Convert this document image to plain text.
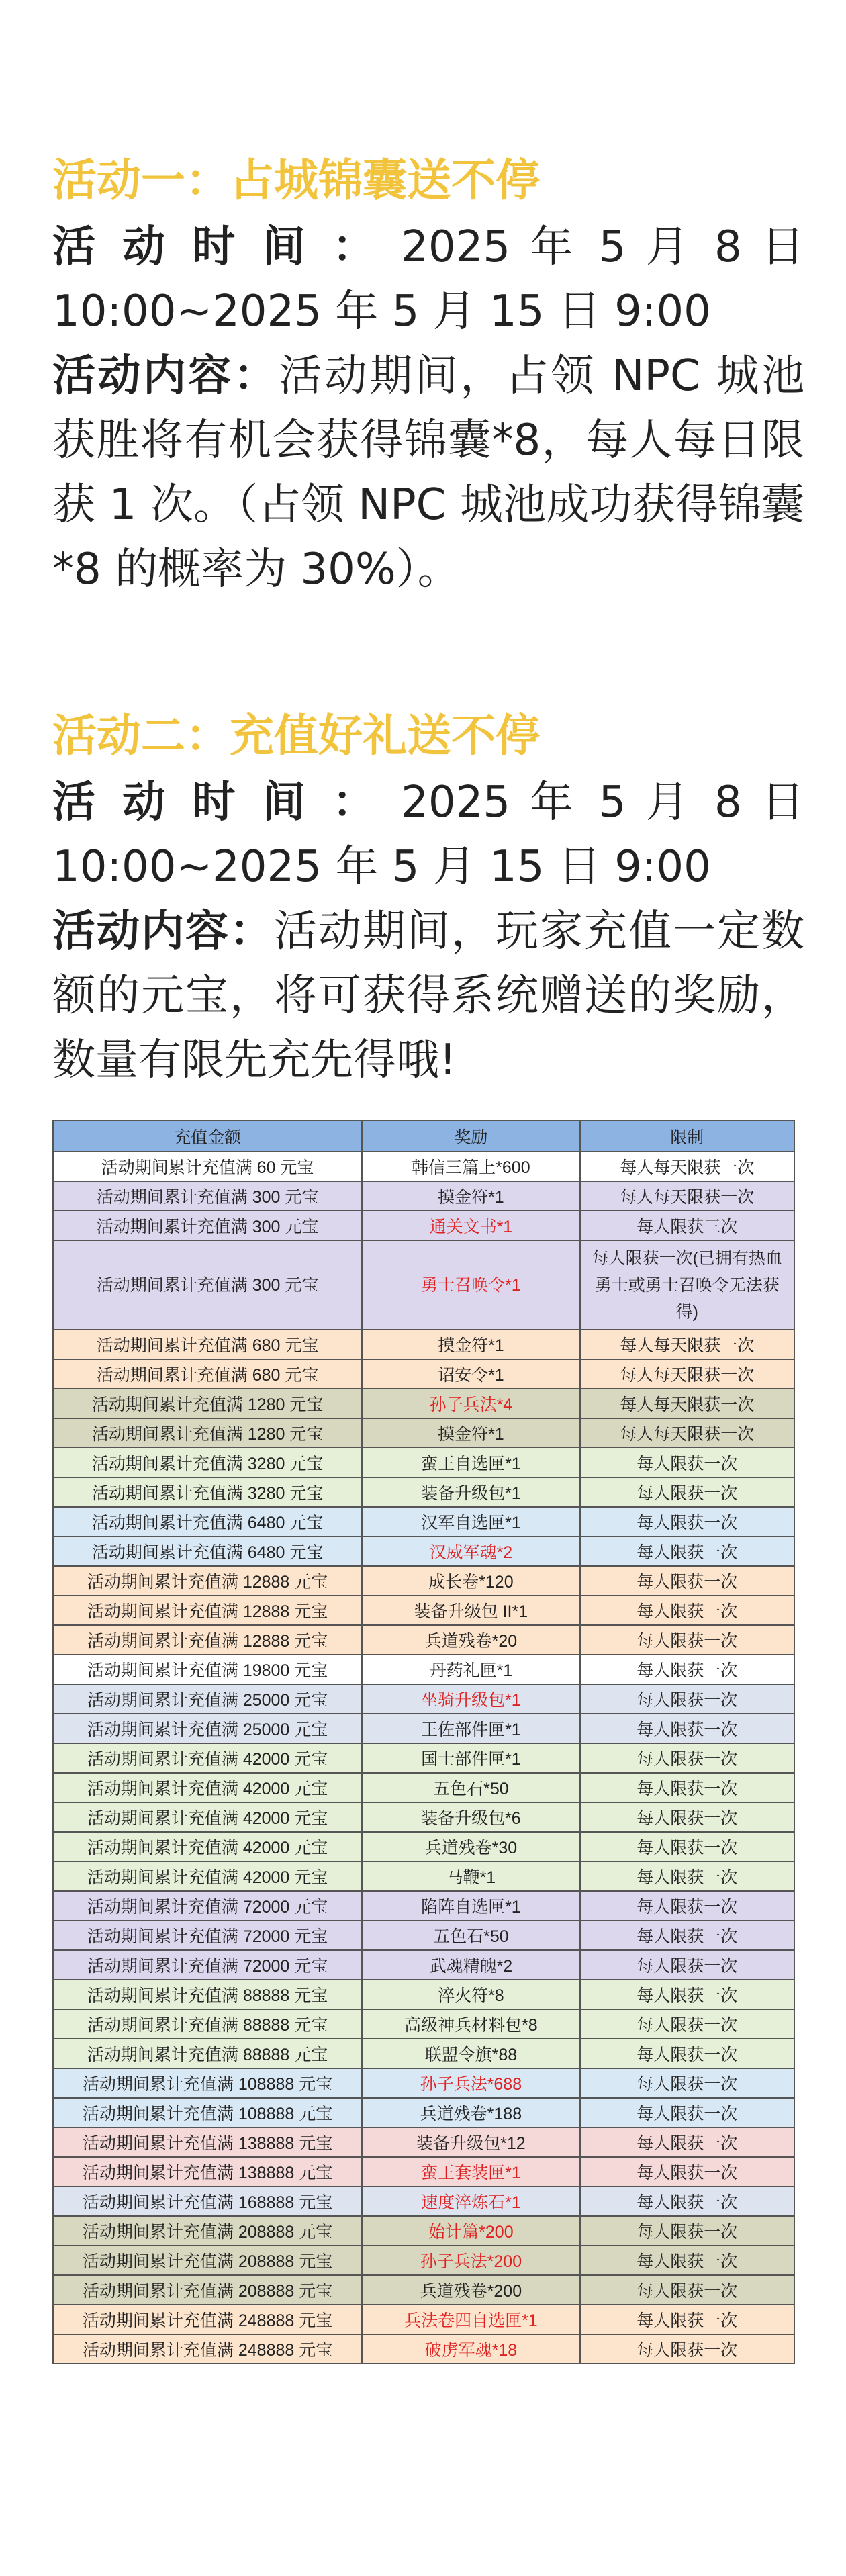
活动一：占城锦囊送不停

活 动 时 间 ： 2025 年 5 月 8 日 10:00~2025 年 5 月 15 日 9:00

活动内容：活动期间，占领 NPC 城池获胜将有机会获得锦囊*8，每人每日限获 1 次。（占领 NPC 城池成功获得锦囊*8 的概率为 30%）。

活动二：充值好礼送不停

活 动 时 间 ： 2025 年 5 月 8 日 10:00~2025 年 5 月 15 日 9:00

活动内容：活动期间，玩家充值一定数额的元宝，将可获得系统赠送的奖励，数量有限先充先得哦!

充值金额	奖励	限制
活动期间累计充值满 60 元宝	韩信三篇上*600	每人每天限获一次
活动期间累计充值满 300 元宝	摸金符*1	每人每天限获一次
活动期间累计充值满 300 元宝	通关文书*1	每人限获三次
活动期间累计充值满 300 元宝	勇士召唤令*1	每人限获一次(已拥有热血勇士或勇士召唤令无法获得)
活动期间累计充值满 680 元宝	摸金符*1	每人每天限获一次
活动期间累计充值满 680 元宝	诏安令*1	每人每天限获一次
活动期间累计充值满 1280 元宝	孙子兵法*4	每人每天限获一次
活动期间累计充值满 1280 元宝	摸金符*1	每人每天限获一次
活动期间累计充值满 3280 元宝	蛮王自选匣*1	每人限获一次
活动期间累计充值满 3280 元宝	装备升级包*1	每人限获一次
活动期间累计充值满 6480 元宝	汉军自选匣*1	每人限获一次
活动期间累计充值满 6480 元宝	汉威军魂*2	每人限获一次
活动期间累计充值满 12888 元宝	成长卷*120	每人限获一次
活动期间累计充值满 12888 元宝	装备升级包 II*1	每人限获一次
活动期间累计充值满 12888 元宝	兵道残卷*20	每人限获一次
活动期间累计充值满 19800 元宝	丹药礼匣*1	每人限获一次
活动期间累计充值满 25000 元宝	坐骑升级包*1	每人限获一次
活动期间累计充值满 25000 元宝	王佐部件匣*1	每人限获一次
活动期间累计充值满 42000 元宝	国士部件匣*1	每人限获一次
活动期间累计充值满 42000 元宝	五色石*50	每人限获一次
活动期间累计充值满 42000 元宝	装备升级包*6	每人限获一次
活动期间累计充值满 42000 元宝	兵道残卷*30	每人限获一次
活动期间累计充值满 42000 元宝	马鞭*1	每人限获一次
活动期间累计充值满 72000 元宝	陷阵自选匣*1	每人限获一次
活动期间累计充值满 72000 元宝	五色石*50	每人限获一次
活动期间累计充值满 72000 元宝	武魂精魄*2	每人限获一次
活动期间累计充值满 88888 元宝	淬火符*8	每人限获一次
活动期间累计充值满 88888 元宝	高级神兵材料包*8	每人限获一次
活动期间累计充值满 88888 元宝	联盟令旗*88	每人限获一次
活动期间累计充值满 108888 元宝	孙子兵法*688	每人限获一次
活动期间累计充值满 108888 元宝	兵道残卷*188	每人限获一次
活动期间累计充值满 138888 元宝	装备升级包*12	每人限获一次
活动期间累计充值满 138888 元宝	蛮王套装匣*1	每人限获一次
活动期间累计充值满 168888 元宝	速度淬炼石*1	每人限获一次
活动期间累计充值满 208888 元宝	始计篇*200	每人限获一次
活动期间累计充值满 208888 元宝	孙子兵法*200	每人限获一次
活动期间累计充值满 208888 元宝	兵道残卷*200	每人限获一次
活动期间累计充值满 248888 元宝	兵法卷四自选匣*1	每人限获一次
活动期间累计充值满 248888 元宝	破虏军魂*18	每人限获一次
